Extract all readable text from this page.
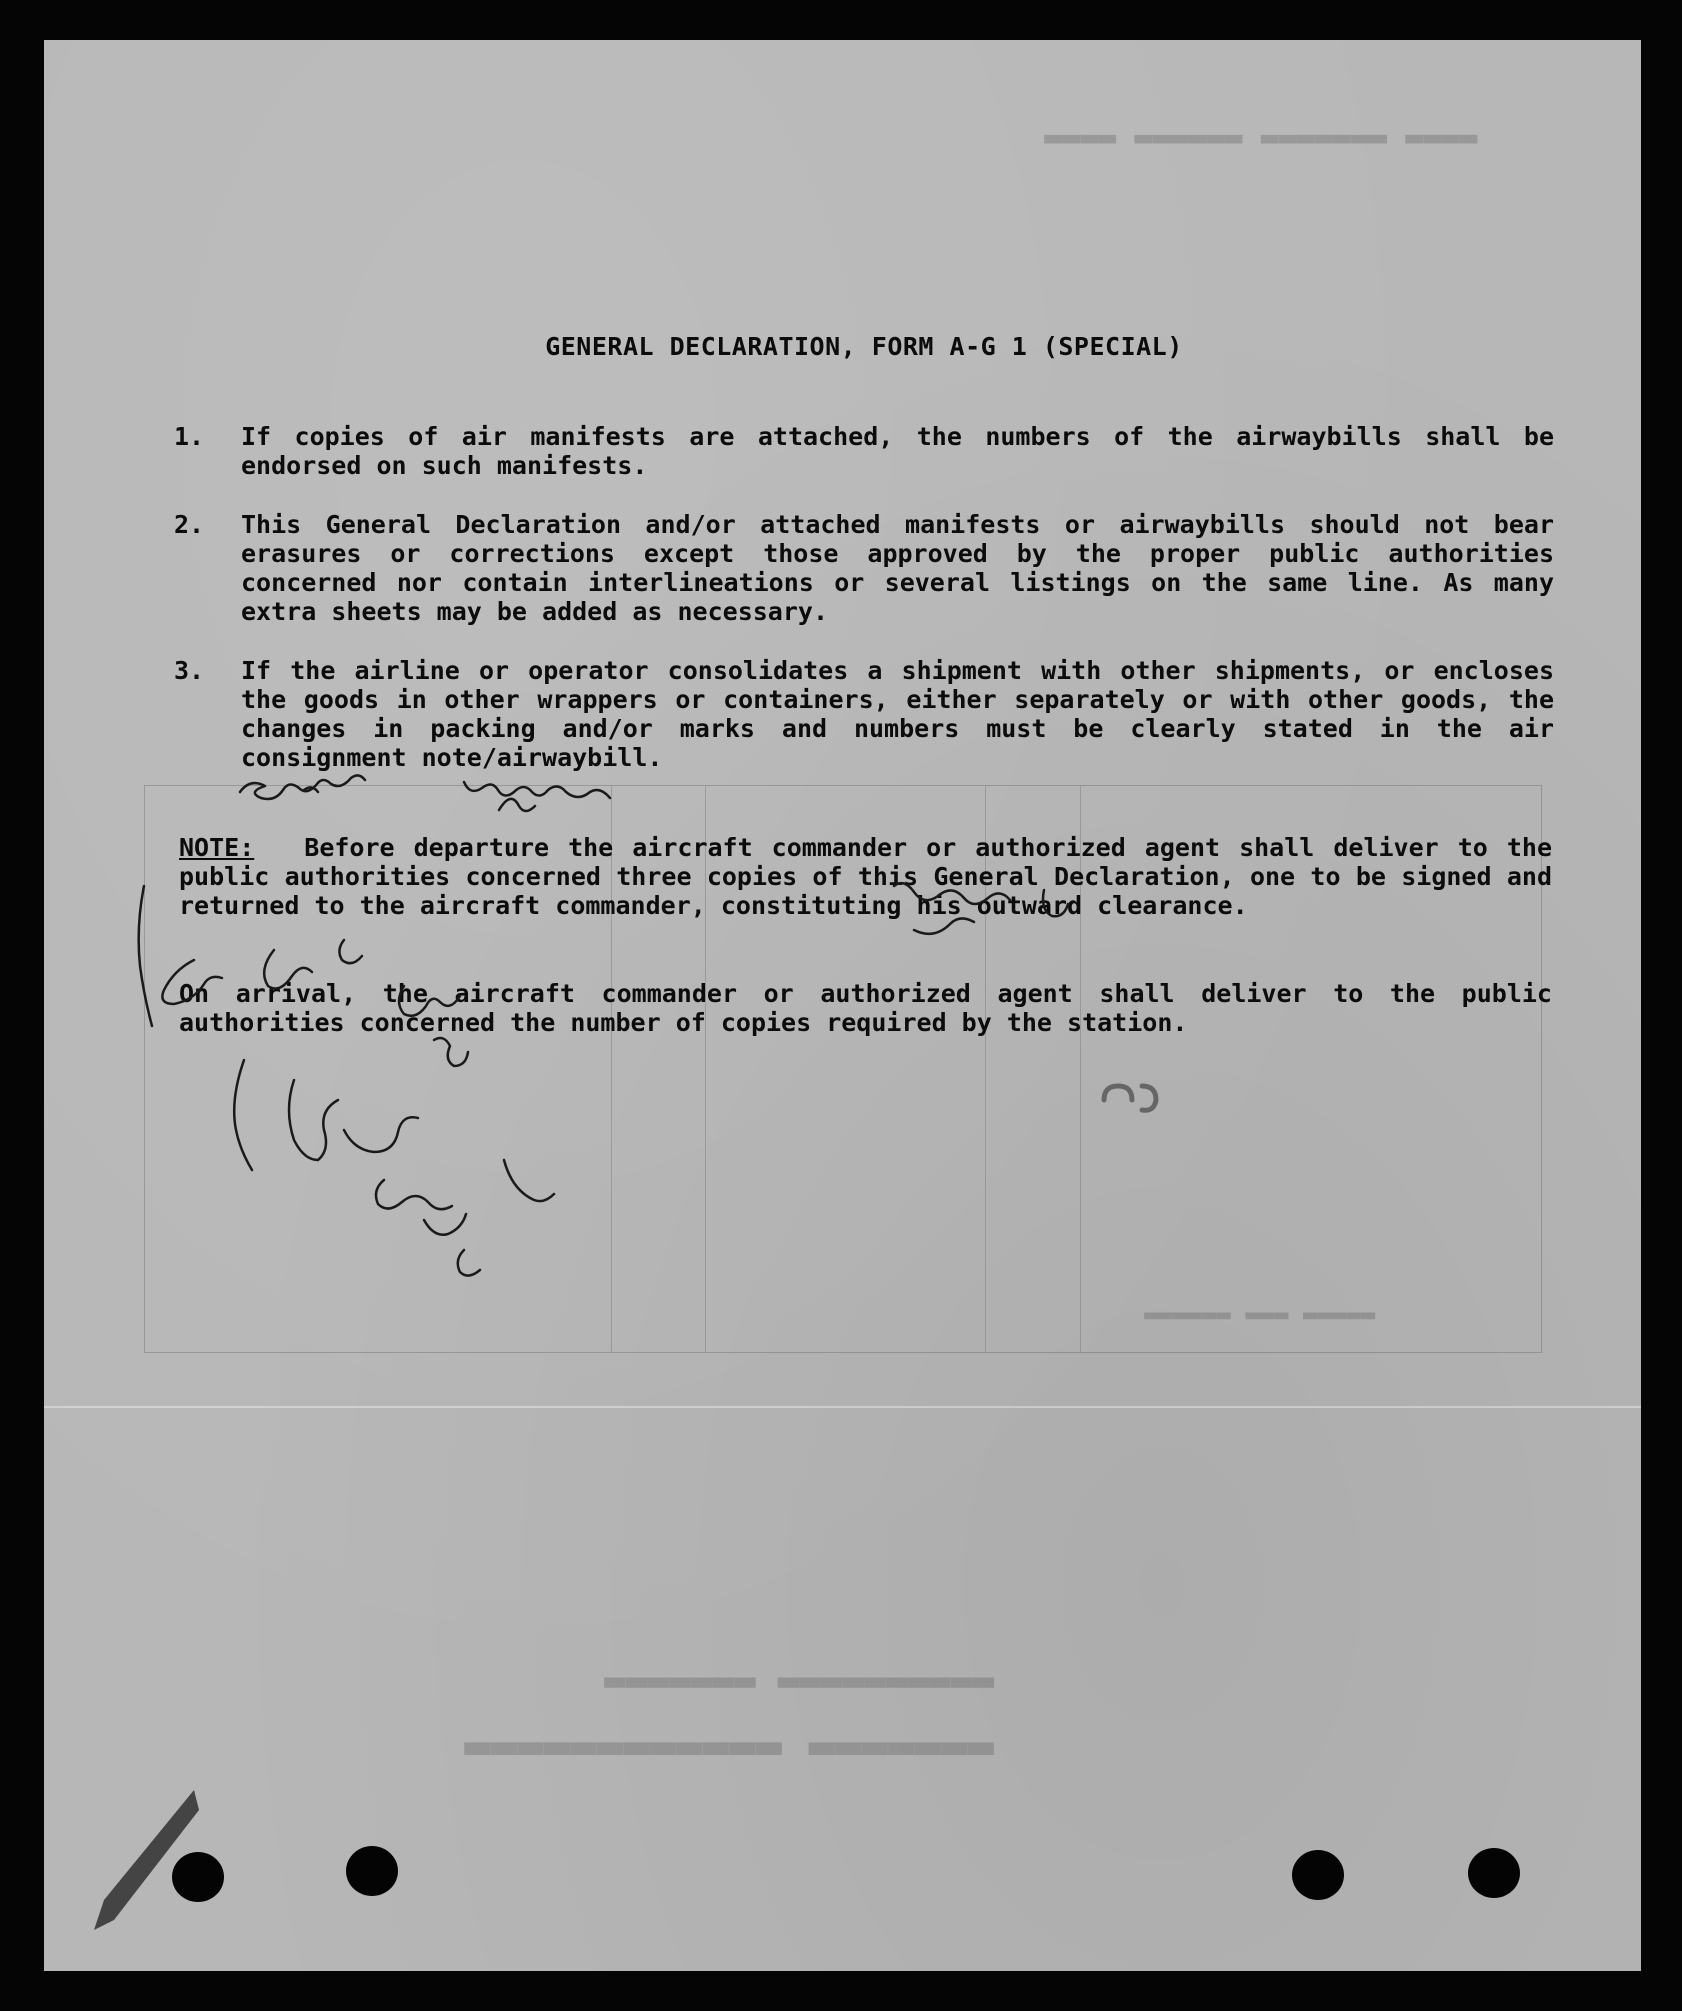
▬▬▬▬ ▬▬▬▬▬▬▬ ▬▬▬▬▬▬ ▬▬▬▬
▬▬▬▬▬ ▬▬▬ ▬▬▬▬▬▬
▬▬▬▬▬▬▬▬▬▬ ▬▬▬▬▬▬▬
▬▬▬▬▬▬▬ ▬▬▬▬▬▬▬▬▬▬▬▬
GENERAL DECLARATION, FORM A-G 1 (SPECIAL)
1.	If copies of air manifests are attached, the numbers of the airwaybills shall be endorsed on such manifests.
2.	This General Declaration and/or attached manifests or airwaybills should not bear erasures or corrections except those approved by the proper public authorities concerned nor contain interlineations or several listings on the same line. As many extra sheets may be added as necessary.
3.	If the airline or operator consolidates a shipment with other shipments, or encloses the goods in other wrappers or containers, either separately or with other goods, the changes in packing and/or marks and numbers must be clearly stated in the air consignment note/airwaybill.
NOTE: Before departure the aircraft commander or authorized agent shall deliver to the public authorities concerned three copies of this General Declaration, one to be signed and returned to the aircraft commander, constituting his outward clearance.
On arrival, the aircraft commander or authorized agent shall deliver to the public authorities concerned the number of copies required by the station.
